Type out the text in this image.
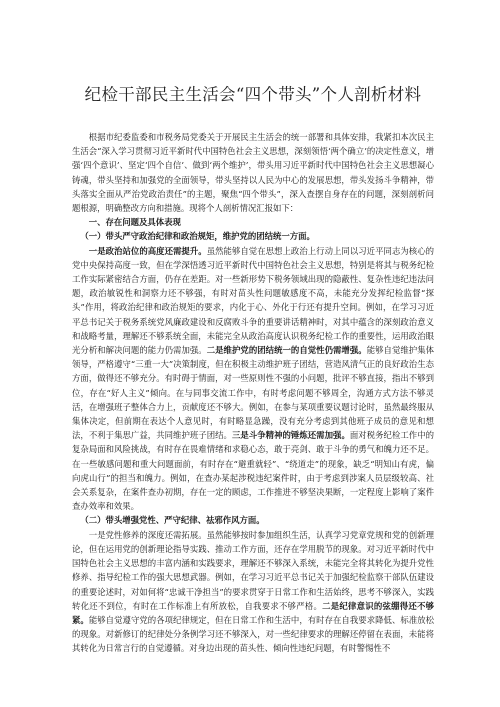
纪检干部民主生活会“四个带头”个人剖析材料

根据市纪委监委和市税务局党委关于开展民主生活会的统一部署和具体安排，我紧扣本次民主生活会“深入学习贯彻习近平新时代中国特色社会主义思想，深刻领悟‘两个确立’的决定性意义，增强‘四个意识’、坚定‘四个自信’、做到‘两个维护’，带头用习近平新时代中国特色社会主义思想凝心铸魂，带头坚持和加强党的全面领导，带头坚持以人民为中心的发展思想，带头发扬斗争精神，带头落实全面从严治党政治责任”的主题，聚焦“四个带头”，深入查摆自身存在的问题，深刻剖析问题根源，明确整改方向和措施。现将个人剖析情况汇报如下：

一、存在问题及具体表现

（一）带头严守政治纪律和政治规矩，维护党的团结统一方面。

一是政治站位的高度还需提升。虽然能够自觉在思想上政治上行动上同以习近平同志为核心的党中央保持高度一致，但在学深悟透习近平新时代中国特色社会主义思想，特别是将其与税务纪检工作实际紧密结合方面，仍存在差距。对一些新形势下税务领域出现的隐蔽性、复杂性违纪违法问题，政治敏锐性和洞察力还不够强，有时对苗头性问题敏感度不高，未能充分发挥纪检监督“探头”作用，将政治纪律和政治规矩的要求，内化于心、外化于行还有提升空间。例如，在学习习近平总书记关于税务系统党风廉政建设和反腐败斗争的重要讲话精神时，对其中蕴含的深刻政治意义和战略考量，理解还不够系统全面，未能完全从政治高度认识税务纪检工作的重要性，运用政治眼光分析和解决问题的能力仍需加强。二是维护党的团结统一的自觉性仍需增强。能够自觉维护集体领导，严格遵守“三重一大”决策制度，但在积极主动维护班子团结，营造风清气正的良好政治生态方面，做得还不够充分。有时碍于情面，对一些原则性不强的小问题，批评不够直接，指出不够到位，存在“好人主义”倾向。在与同事交流工作中，有时考虑问题不够周全，沟通方式方法不够灵活，在增强班子整体合力上，贡献度还不够大。例如，在参与某项重要议题讨论时，虽然最终服从集体决定，但前期在表达个人意见时，有时略显急躁，没有充分考虑到其他班子成员的意见和想法，不利于集思广益，共同维护班子团结。三是斗争精神的锤炼还需加强。面对税务纪检工作中的复杂局面和风险挑战，有时存在畏难情绪和求稳心态，敢于亮剑、敢于斗争的勇气和魄力还不足。在一些敏感问题和重大问题面前，有时存在“避重就轻”、“绕道走”的现象，缺乏“明知山有虎，偏向虎山行”的担当和魄力。例如，在查办某起涉税违纪案件时，由于考虑到涉案人员层级较高、社会关系复杂，在案件查办初期，存在一定的顾虑，工作推进不够坚决果断，一定程度上影响了案件查办效率和效果。

（二）带头增强党性、严守纪律、祛邪作风方面。

一是党性修养的深度还需拓展。虽然能够按时参加组织生活，认真学习党章党规和党的创新理论，但在运用党的创新理论指导实践、推动工作方面，还存在学用脱节的现象。对习近平新时代中国特色社会主义思想的丰富内涵和实践要求，理解还不够深入系统，未能完全将其转化为提升党性修养、指导纪检工作的强大思想武器。例如，在学习习近平总书记关于加强纪检监察干部队伍建设的重要论述时，对如何将“忠诚干净担当”的要求贯穿于日常工作和生活始终，思考不够深入，实践转化还不到位，有时在工作标准上有所放松，自我要求不够严格。二是纪律意识的弦绷得还不够紧。能够自觉遵守党的各项纪律规定，但在日常工作和生活中，有时存在自我要求降低、标准放松的现象。对新修订的纪律处分条例学习还不够深入，对一些纪律要求的理解还停留在表面，未能将其转化为日常言行的自觉遵循。对身边出现的苗头性、倾向性违纪问题，有时警惕性不
